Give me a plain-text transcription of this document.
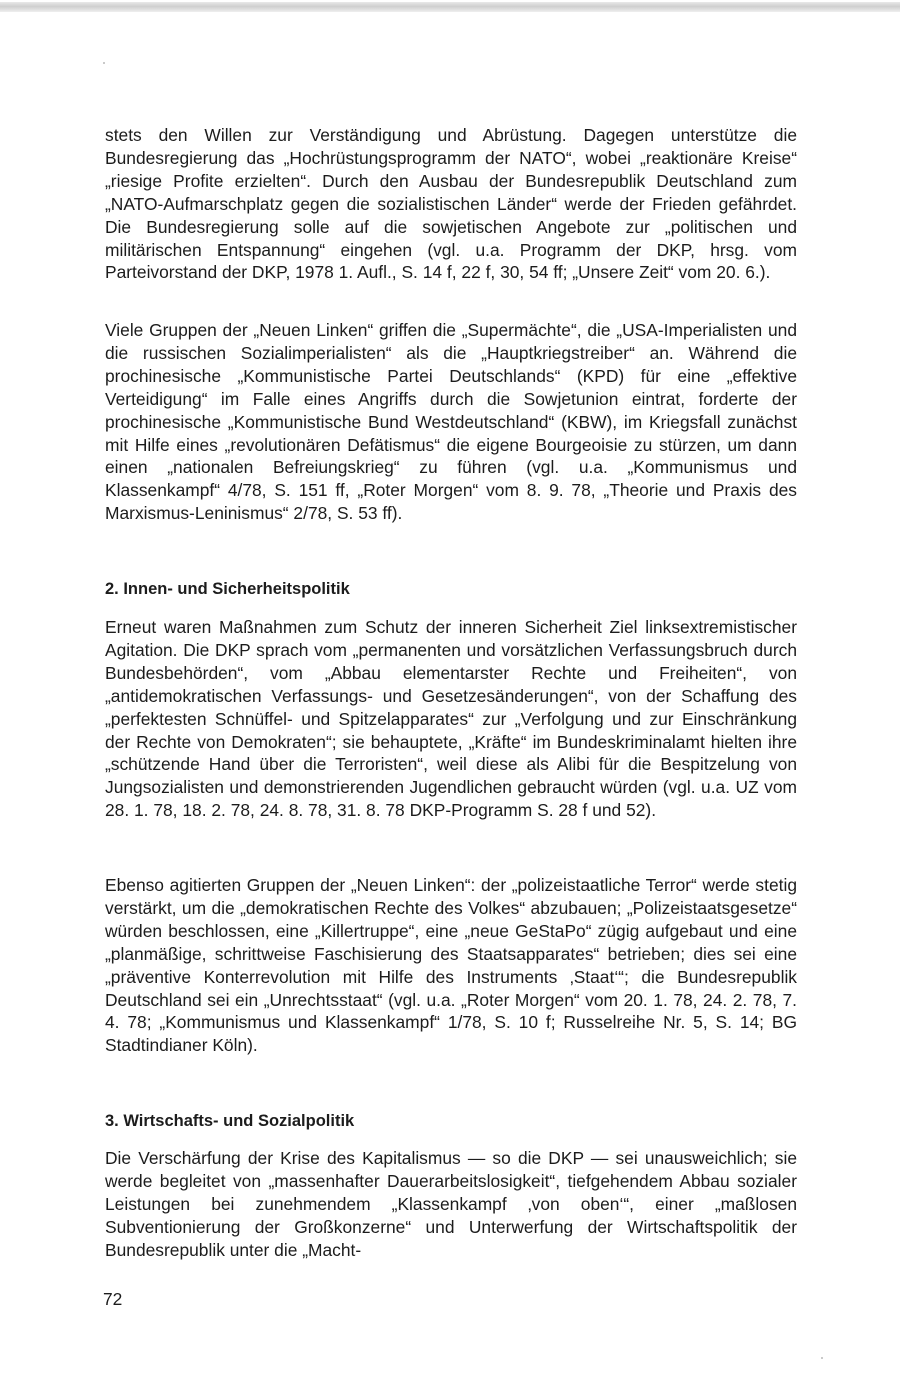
stets den Willen zur Verständigung und Abrüstung. Dagegen unterstütze die Bundesregierung das „Hochrüstungsprogramm der NATO“, wobei „reaktionäre Kreise“ „riesige Profite erzielten“. Durch den Ausbau der Bundesrepublik Deutschland zum „NATO-Aufmarschplatz gegen die sozialistischen Länder“ werde der Frieden gefährdet. Die Bundesregierung solle auf die sowjetischen Angebote zur „politischen und militärischen Entspannung“ eingehen (vgl. u.a. Programm der DKP, hrsg. vom Parteivorstand der DKP, 1978 1. Aufl., S. 14 f, 22 f, 30, 54 ff; „Unsere Zeit“ vom 20. 6.).

Viele Gruppen der „Neuen Linken“ griffen die „Supermächte“, die „USA-Imperialisten und die russischen Sozialimperialisten“ als die „Hauptkriegstreiber“ an. Während die prochinesische „Kommunistische Partei Deutschlands“ (KPD) für eine „effektive Verteidigung“ im Falle eines Angriffs durch die Sowjetunion eintrat, forderte der prochinesische „Kommunistische Bund Westdeutschland“ (KBW), im Kriegsfall zunächst mit Hilfe eines „revolutionären Defätismus“ die eigene Bourgeoisie zu stürzen, um dann einen „nationalen Befreiungskrieg“ zu führen (vgl. u.a. „Kommunismus und Klassenkampf“ 4/78, S. 151 ff, „Roter Morgen“ vom 8. 9. 78, „Theorie und Praxis des Marxismus-Leninismus“ 2/78, S. 53 ff).

2. Innen- und Sicherheitspolitik

Erneut waren Maßnahmen zum Schutz der inneren Sicherheit Ziel linksextremistischer Agitation. Die DKP sprach vom „permanenten und vorsätzlichen Verfassungsbruch durch Bundesbehörden“, vom „Abbau elementarster Rechte und Freiheiten“, von „antidemokratischen Verfassungs- und Gesetzesänderungen“, von der Schaffung des „perfektesten Schnüffel- und Spitzelapparates“ zur „Verfolgung und zur Einschränkung der Rechte von Demokraten“; sie behauptete, „Kräfte“ im Bundeskriminalamt hielten ihre „schützende Hand über die Terroristen“, weil diese als Alibi für die Bespitzelung von Jungsozialisten und demonstrierenden Jugendlichen gebraucht würden (vgl. u.a. UZ vom 28. 1. 78, 18. 2. 78, 24. 8. 78, 31. 8. 78 DKP-Programm S. 28 f und 52).

Ebenso agitierten Gruppen der „Neuen Linken“: der „polizeistaatliche Terror“ werde stetig verstärkt, um die „demokratischen Rechte des Volkes“ abzubauen; „Polizeistaatsgesetze“ würden beschlossen, eine „Killertruppe“, eine „neue GeStaPo“ zügig aufgebaut und eine „planmäßige, schrittweise Faschisierung des Staatsapparates“ betrieben; dies sei eine „präventive Konterrevolution mit Hilfe des Instruments ‚Staat‘“; die Bundesrepublik Deutschland sei ein „Unrechtsstaat“ (vgl. u.a. „Roter Morgen“ vom 20. 1. 78, 24. 2. 78, 7. 4. 78; „Kommunismus und Klassenkampf“ 1/78, S. 10 f; Russelreihe Nr. 5, S. 14; BG Stadtindianer Köln).

3. Wirtschafts- und Sozialpolitik

Die Verschärfung der Krise des Kapitalismus — so die DKP — sei unausweichlich; sie werde begleitet von „massenhafter Dauerarbeitslosigkeit“, tiefgehendem Abbau sozialer Leistungen bei zunehmendem „Klassenkampf ‚von oben‘“, einer „maßlosen Subventionierung der Großkonzerne“ und Unterwerfung der Wirtschaftspolitik der Bundesrepublik unter die „Macht-

72
